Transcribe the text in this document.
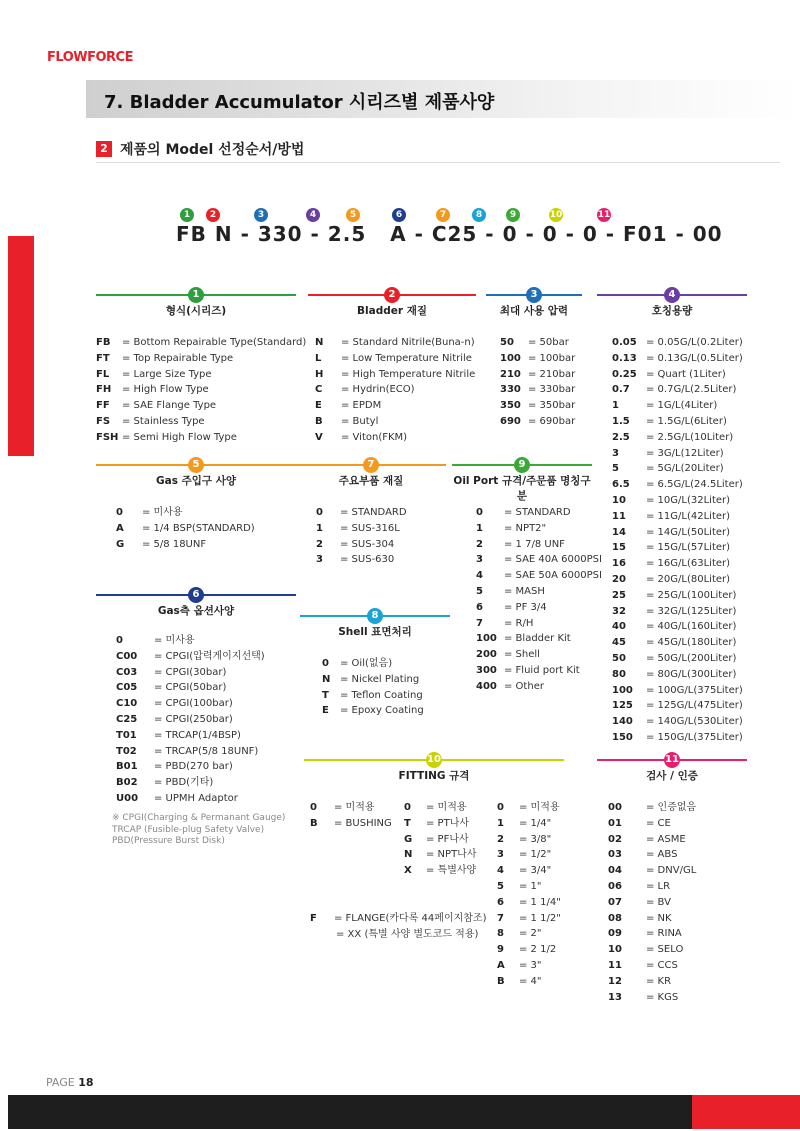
FLOWFORCE
7. Bladder Accumulator 시리즈별 제품사양
2 제품의 Model 선정순서/방법
1	2	3	4	5	6	7	8	9	10	11
FB N - 330 - 2.5   A - C25 - 0 - 0 - 0 - F01 - 00
1
형식(시리즈)
FB	= Bottom Repairable Type(Standard)
FT	= Top Repairable Type
FL	= Large Size Type
FH	= High Flow Type
FF	= SAE Flange Type
FS	= Stainless Type
FSH = Semi High Flow Type
2
Bladder 재질
N	= Standard Nitrile(Buna-n)
L	= Low Temperature Nitrile
H	= High Temperature Nitrile
C	= Hydrin(ECO)
E	= EPDM
B	= Butyl
V	= Viton(FKM)
3
최대 사용 압력
50	= 50bar
100 = 100bar
210 = 210bar
330 = 330bar
350 = 350bar
690 = 690bar
4
호칭용량
0.05 = 0.05G/L(0.2Liter)
0.13 = 0.13G/L(0.5Liter)
0.25 = Quart (1Liter)
0.7	= 0.7G/L(2.5Liter)
1	= 1G/L(4Liter)
1.5	= 1.5G/L(6Liter)
2.5	= 2.5G/L(10Liter)
3	= 3G/L(12Liter)
5	= 5G/L(20Liter)
6.5	= 6.5G/L(24.5Liter)
10	= 10G/L(32Liter)
11	= 11G/L(42Liter)
14	= 14G/L(50Liter)
15	= 15G/L(57Liter)
16	= 16G/L(63Liter)
20	= 20G/L(80Liter)
25	= 25G/L(100Liter)
32	= 32G/L(125Liter)
40	= 40G/L(160Liter)
45	= 45G/L(180Liter)
50	= 50G/L(200Liter)
80	= 80G/L(300Liter)
100	= 100G/L(375Liter)
125	= 125G/L(475Liter)
140	= 140G/L(530Liter)
150	= 150G/L(375Liter)
5
Gas 주입구 사양
0	= 미사용
A	= 1/4 BSP(STANDARD)
G	= 5/8 18UNF
7
주요부품 재질
0	= STANDARD
1	= SUS-316L
2	= SUS-304
3	= SUS-630
9
Oil Port 규격/주문품 명칭구분
0	= STANDARD
1	= NPT2"
2	= 1 7/8 UNF
3	= SAE 40A 6000PSI
4	= SAE 50A 6000PSI
5	= MASH
6	= PF 3/4
7	= R/H
100 = Bladder Kit
200 = Shell
300 = Fluid port Kit
400 = Other
6
Gas측 옵션사양
0	= 미사용
C00	= CPGI(압력게이지선택)
C03	= CPGI(30bar)
C05	= CPGI(50bar)
C10	= CPGI(100bar)
C25	= CPGI(250bar)
T01	= TRCAP(1/4BSP)
T02	= TRCAP(5/8 18UNF)
B01	= PBD(270 bar)
B02	= PBD(기타)
U00	= UPMH Adaptor
※ CPGI(Charging & Permanant Gauge)
TRCAP (Fusible-plug Safety Valve)
PBD(Pressure Burst Disk)
8
Shell 표면처리
0	= Oil(없음)
N = Nickel Plating
T	= Teflon Coating
E	= Epoxy Coating
10
FITTING 규격
0	= 미적용
B	= BUSHING
0	= 미적용
T	= PT나사
G	= PF나사
N	= NPT나사
X	= 특별사양
0	= 미적용
1	= 1/4"
2	= 3/8"
3	= 1/2"
4	= 3/4"
5	= 1"
6	= 1 1/4"
7	= 1 1/2"
8	= 2"
9	= 2 1/2
A	= 3"
B	= 4"
F	= FLANGE(카다록 44페이지참조)
= XX (특별 사양 별도코드 적용)
11
검사 / 인증
00	= 인증없음
01	= CE
02	= ASME
03	= ABS
04	= DNV/GL
06	= LR
07	= BV
08	= NK
09	= RINA
10	= SELO
11	= CCS
12	= KR
13	= KGS
PAGE 18
